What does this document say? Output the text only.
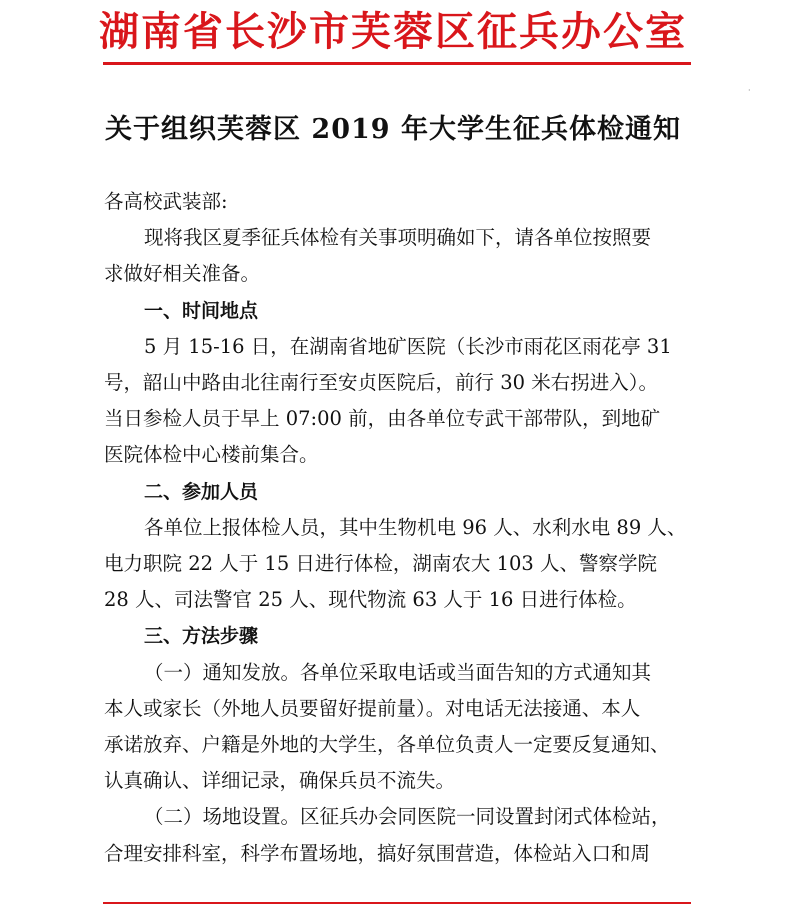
湖南省长沙市芙蓉区征兵办公室
·
关于组织芙蓉区 2019 年大学生征兵体检通知

各高校武装部:

现将我区夏季征兵体检有关事项明确如下，请各单位按照要

求做好相关准备。

一、时间地点

5 月 15-16 日，在湖南省地矿医院（长沙市雨花区雨花亭 31

号，韶山中路由北往南行至安贞医院后，前行 30 米右拐进入）。

当日参检人员于早上 07:00 前，由各单位专武干部带队，到地矿

医院体检中心楼前集合。

二、参加人员

各单位上报体检人员，其中生物机电 96 人、水利水电 89 人、

电力职院 22 人于 15 日进行体检，湖南农大 103 人、警察学院

28 人、司法警官 25 人、现代物流 63 人于 16 日进行体检。

三、方法步骤

（一）通知发放。各单位采取电话或当面告知的方式通知其

本人或家长（外地人员要留好提前量）。对电话无法接通、本人

承诺放弃、户籍是外地的大学生，各单位负责人一定要反复通知、

认真确认、详细记录，确保兵员不流失。

（二）场地设置。区征兵办会同医院一同设置封闭式体检站，

合理安排科室，科学布置场地，搞好氛围营造，体检站入口和周
